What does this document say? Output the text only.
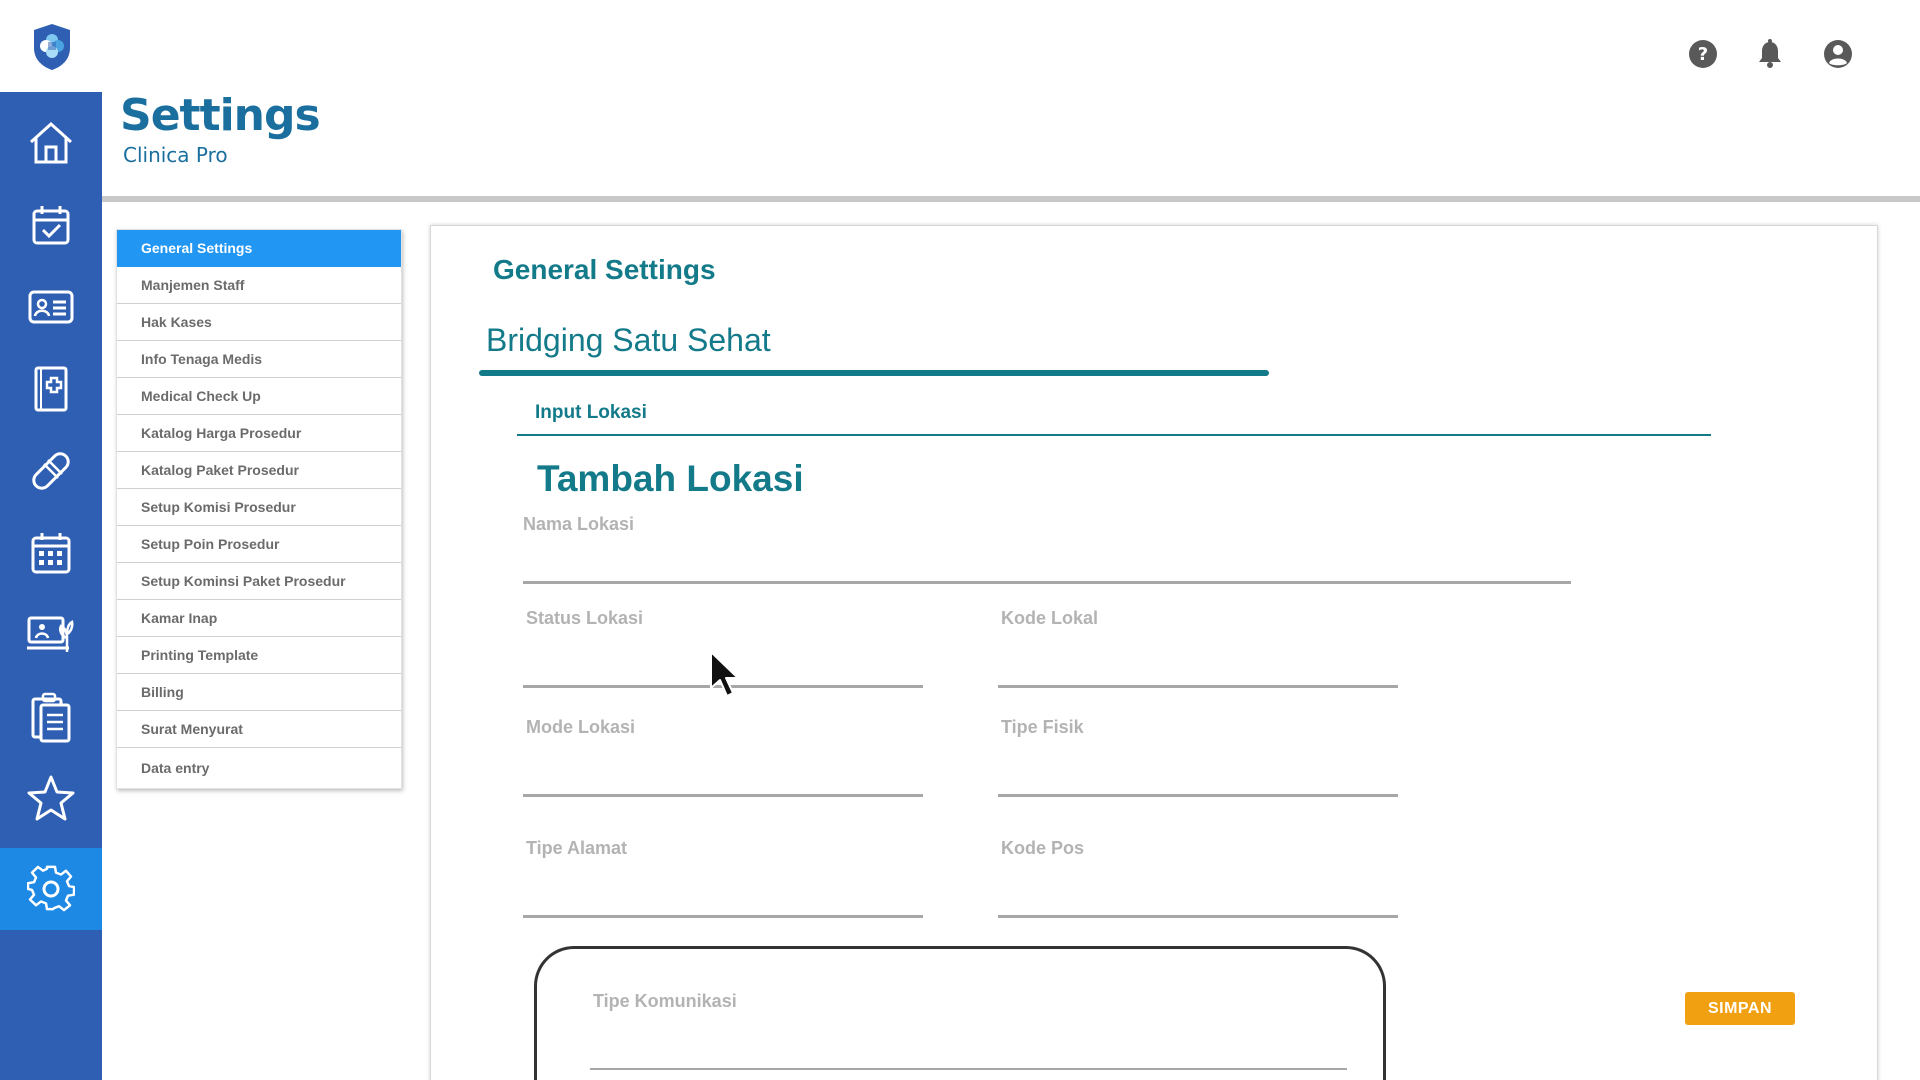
?
Settings
Clinica Pro
General Settings
Manjemen Staff
Hak Kases
Info Tenaga Medis
Medical Check Up
Katalog Harga Prosedur
Katalog Paket Prosedur
Setup Komisi Prosedur
Setup Poin Prosedur
Setup Kominsi Paket Prosedur
Kamar Inap
Printing Template
Billing
Surat Menyurat
Data entry
General Settings
Bridging Satu Sehat
Input Lokasi
Tambah Lokasi
Nama Lokasi
Status Lokasi	Kode Lokal
Mode Lokasi	Tipe Fisik
Tipe Alamat	Kode Pos
Tipe Komunikasi	SIMPAN
